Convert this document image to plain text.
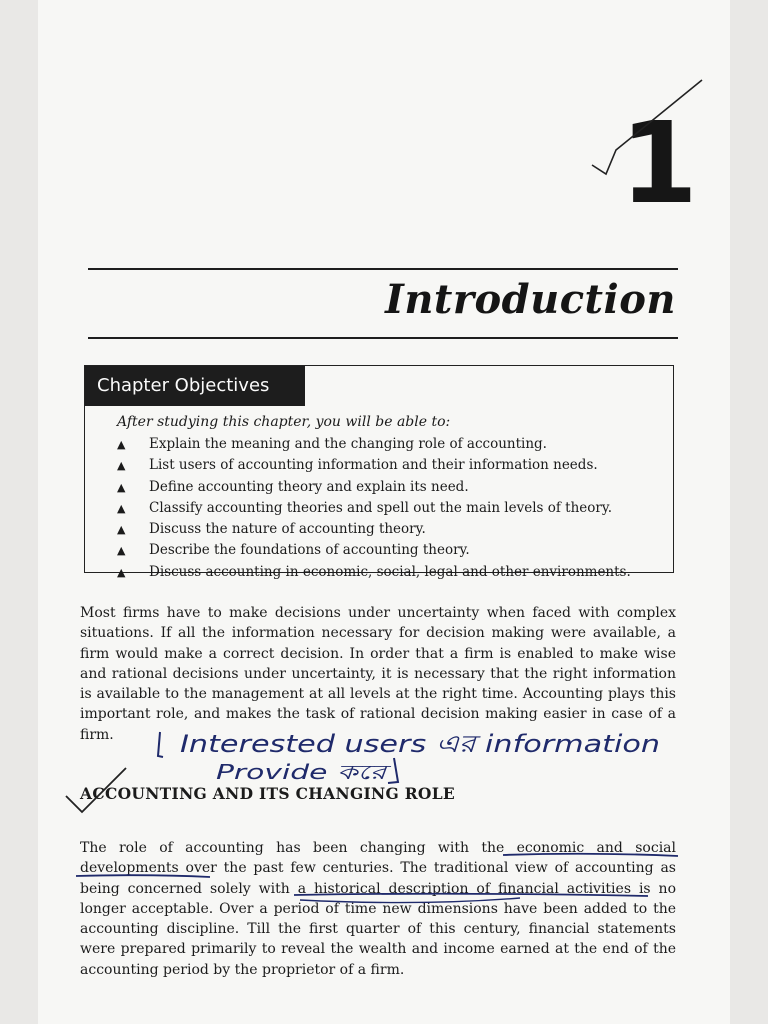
1
Introduction
Chapter Objectives

After studying this chapter, you will be able to:

▲ Explain the meaning and the changing role of accounting.
▲ List users of accounting information and their information needs.
▲ Define accounting theory and explain its need.
▲ Classify accounting theories and spell out the main levels of theory.
▲ Discuss the nature of accounting theory.
▲ Describe the foundations of accounting theory.
▲ Discuss accounting in economic, social, legal and other environments.

Most firms have to make decisions under uncertainty when faced with complex situations. If all the information necessary for decision making were available, a firm would make a correct decision. In order that a firm is enabled to make wise and rational decisions under uncertainty, it is necessary that the right information is available to the management at all levels at the right time. Accounting plays this important role, and makes the task of rational decision making easier in case of a firm.

ACCOUNTING AND ITS CHANGING ROLE

The role of accounting has been changing with the economic and social developments over the past few centuries. The traditional view of accounting as being concerned solely with a historical description of financial activities is no longer acceptable. Over a period of time new dimensions have been added to the accounting discipline. Till the first quarter of this century, financial statements were prepared primarily to reveal the wealth and income earned at the end of the accounting period by the proprietor of a firm.

Interested users এর information
Provide করে
